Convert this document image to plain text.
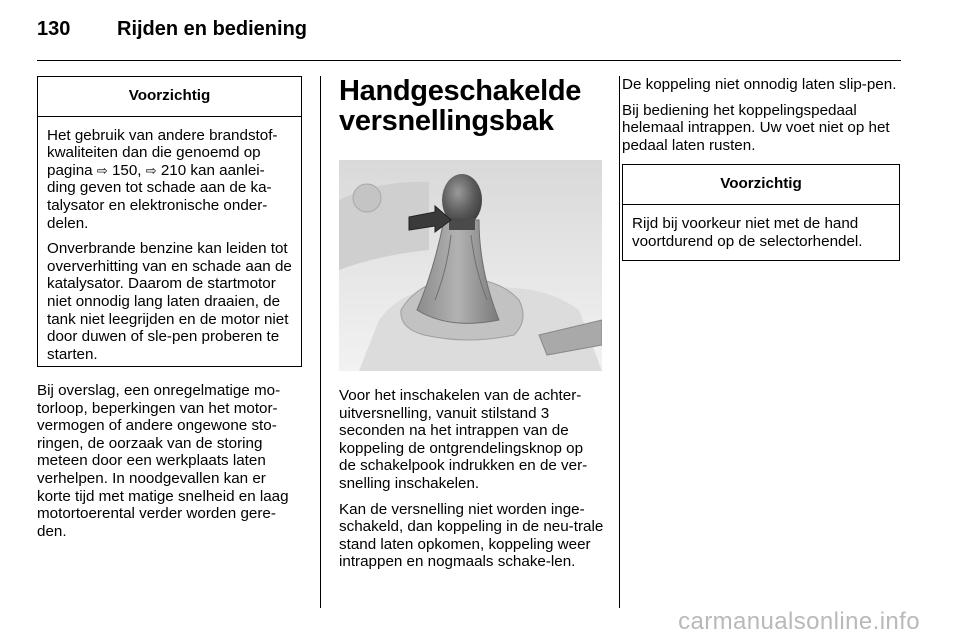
130	Rijden en bediening
Voorzichtig

Het gebruik van andere brandstof-kwaliteiten dan die genoemd op pagina ⇨ 150, ⇨ 210 kan aanlei-ding geven tot schade aan de ka-talysator en elektronische onder-delen.

Onverbrande benzine kan leiden tot oververhitting van en schade aan de katalysator. Daarom de startmotor niet onnodig lang laten draaien, de tank niet leegrijden en de motor niet door duwen of sle-pen proberen te starten.

Bij overslag, een onregelmatige mo-torloop, beperkingen van het motor-vermogen of andere ongewone sto-ringen, de oorzaak van de storing meteen door een werkplaats laten verhelpen. In noodgevallen kan er korte tijd met matige snelheid en laag motortoerental verder worden gere-den.

Handgeschakelde versnellingsbak

Voor het inschakelen van de achter-uitversnelling, vanuit stilstand 3 seconden na het intrappen van de koppeling de ontgrendelingsknop op de schakelpook indrukken en de ver-snelling inschakelen.

Kan de versnelling niet worden inge-schakeld, dan koppeling in de neu-trale stand laten opkomen, koppeling weer intrappen en nogmaals schake-len.

De koppeling niet onnodig laten slip-pen.

Bij bediening het koppelingspedaal helemaal intrappen. Uw voet niet op het pedaal laten rusten.

Voorzichtig

Rijd bij voorkeur niet met de hand voortdurend op de selectorhendel.

carmanualsonline.info
